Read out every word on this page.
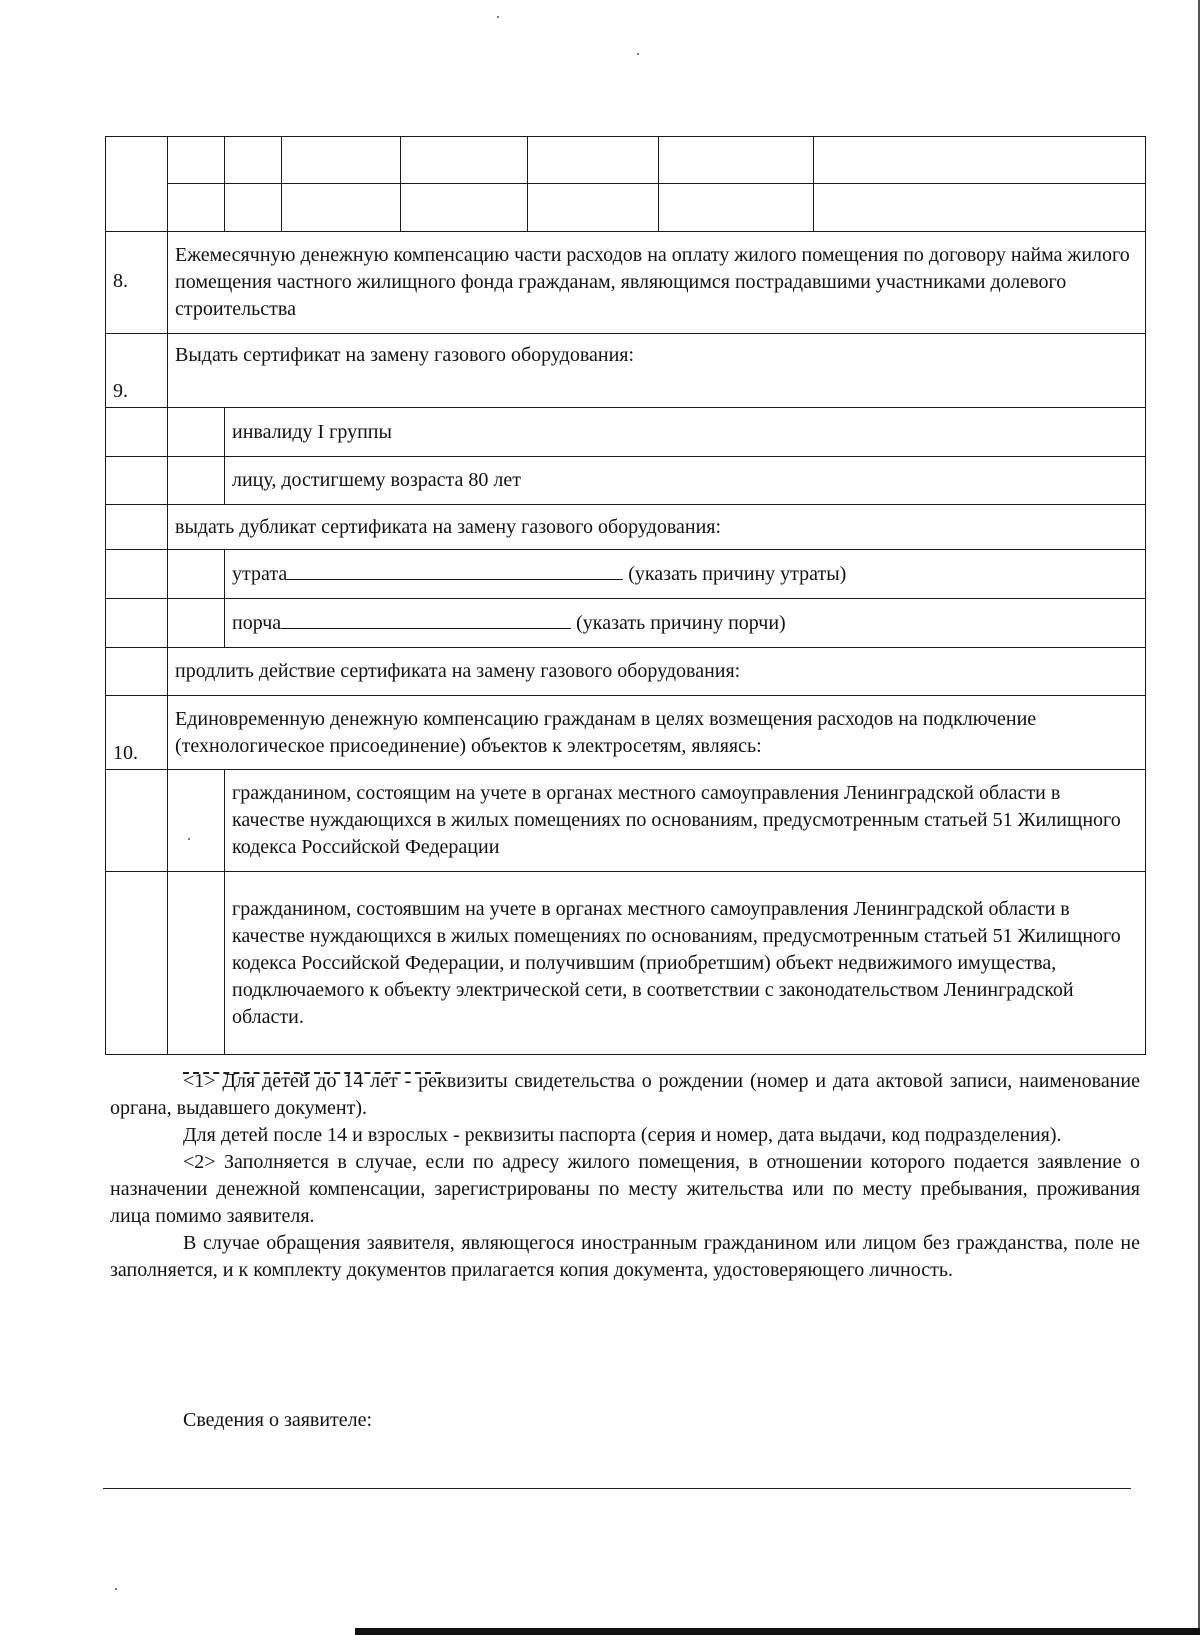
8.	Ежемесячную денежную компенсацию части расходов на оплату жилого помещения по договору найма жилого помещения частного жилищного фонда гражданам, являющимся пострадавшими участниками долевого строительства						
9.	Выдать сертификат на замену газового оборудования:						
		инвалиду I группы					
		лицу, достигшему возраста 80 лет					
	выдать дубликат сертификата на замену газового оборудования:						
		утрата (указать причину утраты)					
		порча (указать причину порчи)					
	продлить действие сертификата на замену газового оборудования:						
10.	Единовременную денежную компенсацию гражданам в целях возмещения расходов на подключение (технологическое присоединение) объектов к электросетям, являясь:						
		гражданином, состоящим на учете в органах местного самоуправления Ленинградской области в качестве нуждающихся в жилых помещениях по основаниям, предусмотренным статьей 51 Жилищного кодекса Российской Федерации					
		гражданином, состоявшим на учете в органах местного самоуправления Ленинградской области в качестве нуждающихся в жилых помещениях по основаниям, предусмотренным статьей 51 Жилищного кодекса Российской Федерации, и получившим (приобретшим) объект недвижимого имущества, подключаемого к объекту электрической сети, в соответствии с законодательством Ленинградской области.					

<1> Для детей до 14 лет - реквизиты свидетельства о рождении (номер и дата актовой записи, наименование органа, выдавшего документ).

Для детей после 14 и взрослых - реквизиты паспорта (серия и номер, дата выдачи, код подразделения).

<2> Заполняется в случае, если по адресу жилого помещения, в отношении которого подается заявление о назначении денежной компенсации, зарегистрированы по месту жительства или по месту пребывания, проживания лица помимо заявителя.

В случае обращения заявителя, являющегося иностранным гражданином или лицом без гражданства, поле не заполняется, и к комплекту документов прилагается копия документа, удостоверяющего личность.

Сведения о заявителе:
